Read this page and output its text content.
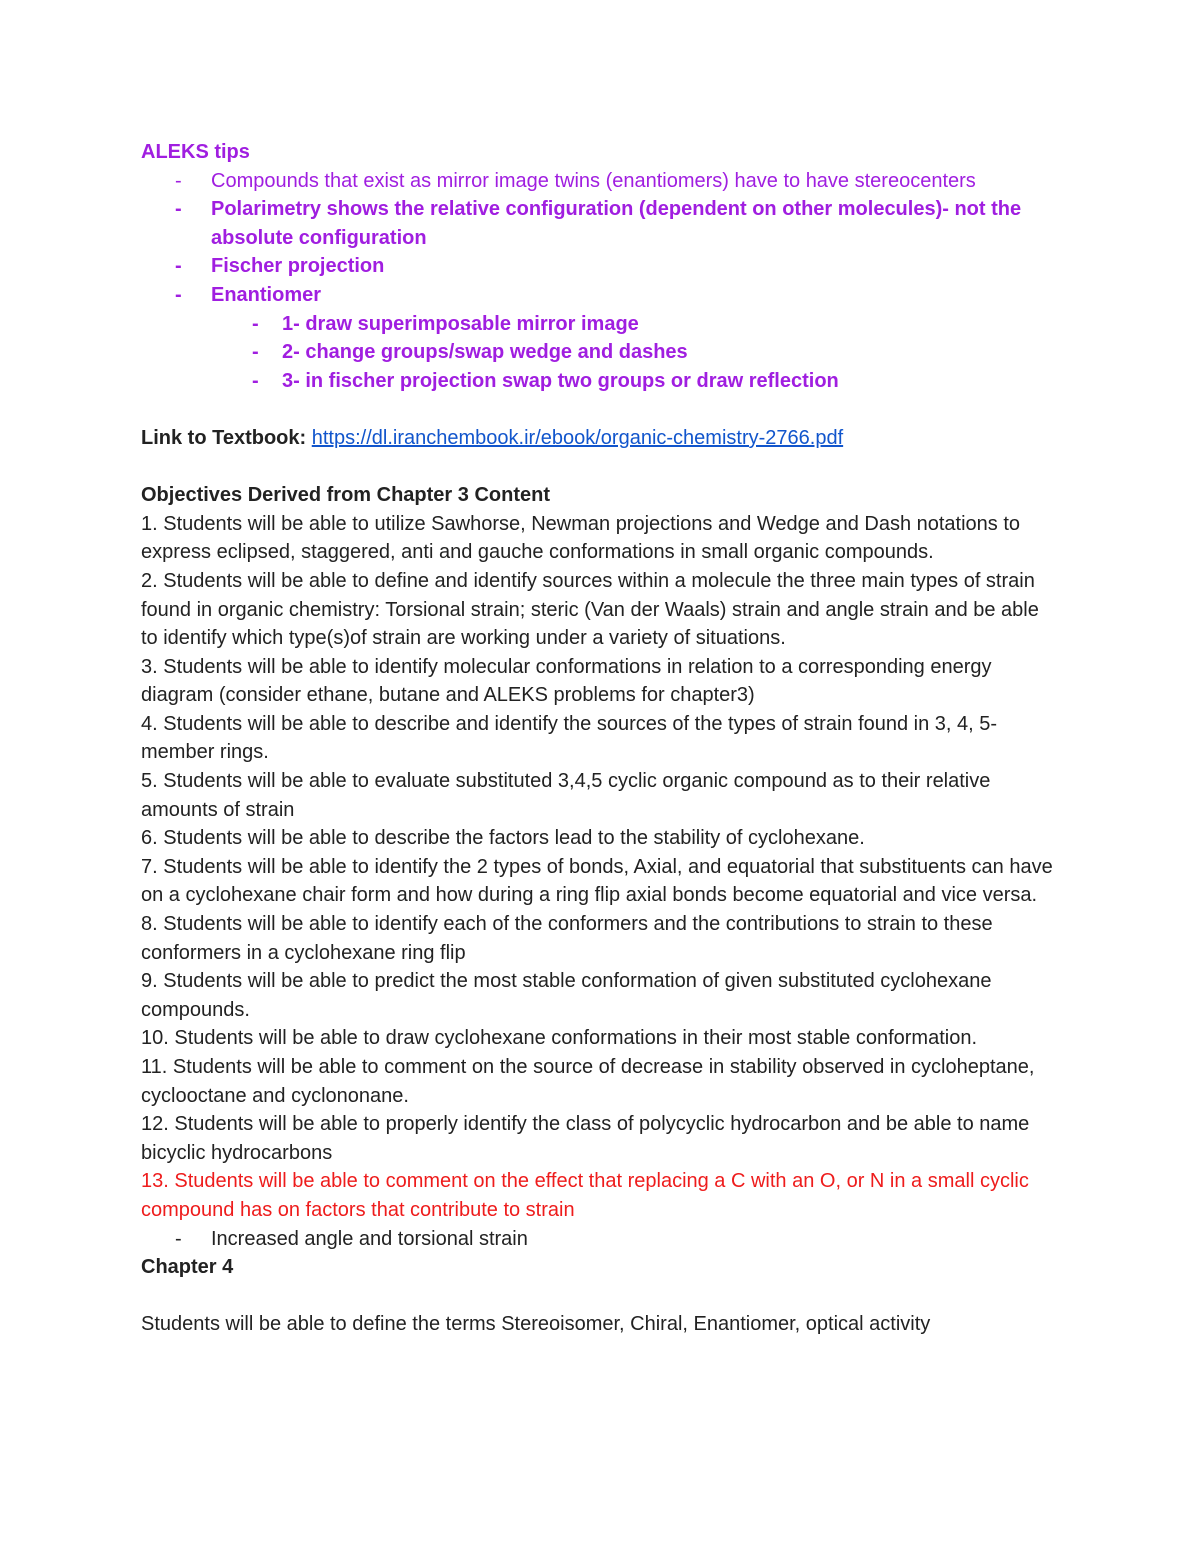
ALEKS tips

-	Compounds that exist as mirror image twins (enantiomers) have to have stereocenters
-	Polarimetry shows the relative configuration (dependent on other molecules)- not the absolute configuration
-	Fischer projection
-	Enantiomer
-	1- draw superimposable mirror image
-	2- change groups/swap wedge and dashes
-	3- in fischer projection swap two groups or draw reflection

Link to Textbook: https://dl.iranchembook.ir/ebook/organic-chemistry-2766.pdf

Objectives Derived from Chapter 3 Content

1. Students will be able to utilize Sawhorse, Newman projections and Wedge and Dash notations to express eclipsed, staggered, anti and gauche conformations in small organic compounds.

2. Students will be able to define and identify sources within a molecule the three main types of strain found in organic chemistry: Torsional strain; steric (Van der Waals) strain and angle strain and be able to identify which type(s)of strain are working under a variety of situations.

3. Students will be able to identify molecular conformations in relation to a corresponding energy diagram (consider ethane, butane and ALEKS problems for chapter3)

4. Students will be able to describe and identify the sources of the types of strain found in 3, 4, 5-member rings.

5. Students will be able to evaluate substituted 3,4,5 cyclic organic compound as to their relative amounts of strain

6. Students will be able to describe the factors lead to the stability of cyclohexane.

7. Students will be able to identify the 2 types of bonds, Axial, and equatorial that substituents can have on a cyclohexane chair form and how during a ring flip axial bonds become equatorial and vice versa.

8. Students will be able to identify each of the conformers and the contributions to strain to these conformers in a cyclohexane ring flip

9. Students will be able to predict the most stable conformation of given substituted cyclohexane compounds.

10. Students will be able to draw cyclohexane conformations in their most stable conformation.

11. Students will be able to comment on the source of decrease in stability observed in cycloheptane, cyclooctane and cyclononane.

12. Students will be able to properly identify the class of polycyclic hydrocarbon and be able to name bicyclic hydrocarbons

13. Students will be able to comment on the effect that replacing a C with an O, or N in a small cyclic compound has on factors that contribute to strain

-	Increased angle and torsional strain

Chapter 4

Students will be able to define the terms Stereoisomer, Chiral, Enantiomer, optical activity
